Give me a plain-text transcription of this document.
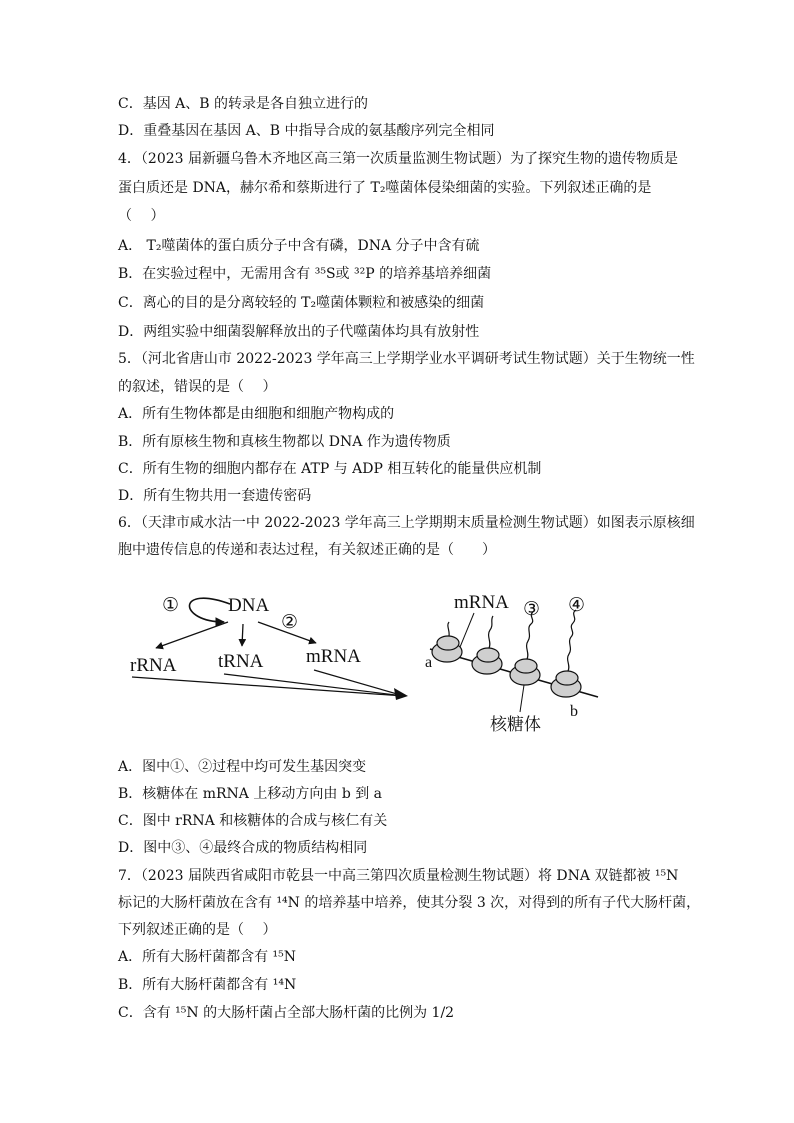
C．基因 A、B 的转录是各自独立进行的
D．重叠基因在基因 A、B 中指导合成的氨基酸序列完全相同
4．（2023 届新疆乌鲁木齐地区高三第一次质量监测生物试题）为了探究生物的遗传物质是
蛋白质还是 DNA，赫尔希和蔡斯进行了 T₂噬菌体侵染细菌的实验。下列叙述正确的是
（　 ）
A． T₂噬菌体的蛋白质分子中含有磷，DNA 分子中含有硫
B．在实验过程中，无需用含有 ³⁵S或 ³²P 的培养基培养细菌
C．离心的目的是分离较轻的 T₂噬菌体颗粒和被感染的细菌
D．两组实验中细菌裂解释放出的子代噬菌体均具有放射性
5．（河北省唐山市 2022-2023 学年高三上学期学业水平调研考试生物试题）关于生物统一性
的叙述，错误的是（　 ）
A．所有生物体都是由细胞和细胞产物构成的
B．所有原核生物和真核生物都以 DNA 作为遗传物质
C．所有生物的细胞内都存在 ATP 与 ADP 相互转化的能量供应机制
D．所有生物共用一套遗传密码
6．（天津市咸水沽一中 2022-2023 学年高三上学期期末质量检测生物试题）如图表示原核细
胞中遗传信息的传递和表达过程，有关叙述正确的是（　　）
①	DNA
②
rRNA tRNA mRNA
mRNA
a
b
③ ④
核糖体
A．图中①、②过程中均可发生基因突变
B．核糖体在 mRNA 上移动方向由 b 到 a
C．图中 rRNA 和核糖体的合成与核仁有关
D．图中③、④最终合成的物质结构相同
7．（2023 届陕西省咸阳市乾县一中高三第四次质量检测生物试题）将 DNA 双链都被 ¹⁵N
标记的大肠杆菌放在含有 ¹⁴N 的培养基中培养，使其分裂 3 次，对得到的所有子代大肠杆菌，
下列叙述正确的是（　 ）
A．所有大肠杆菌都含有 ¹⁵N
B．所有大肠杆菌都含有 ¹⁴N
C．含有 ¹⁵N 的大肠杆菌占全部大肠杆菌的比例为 1/2
